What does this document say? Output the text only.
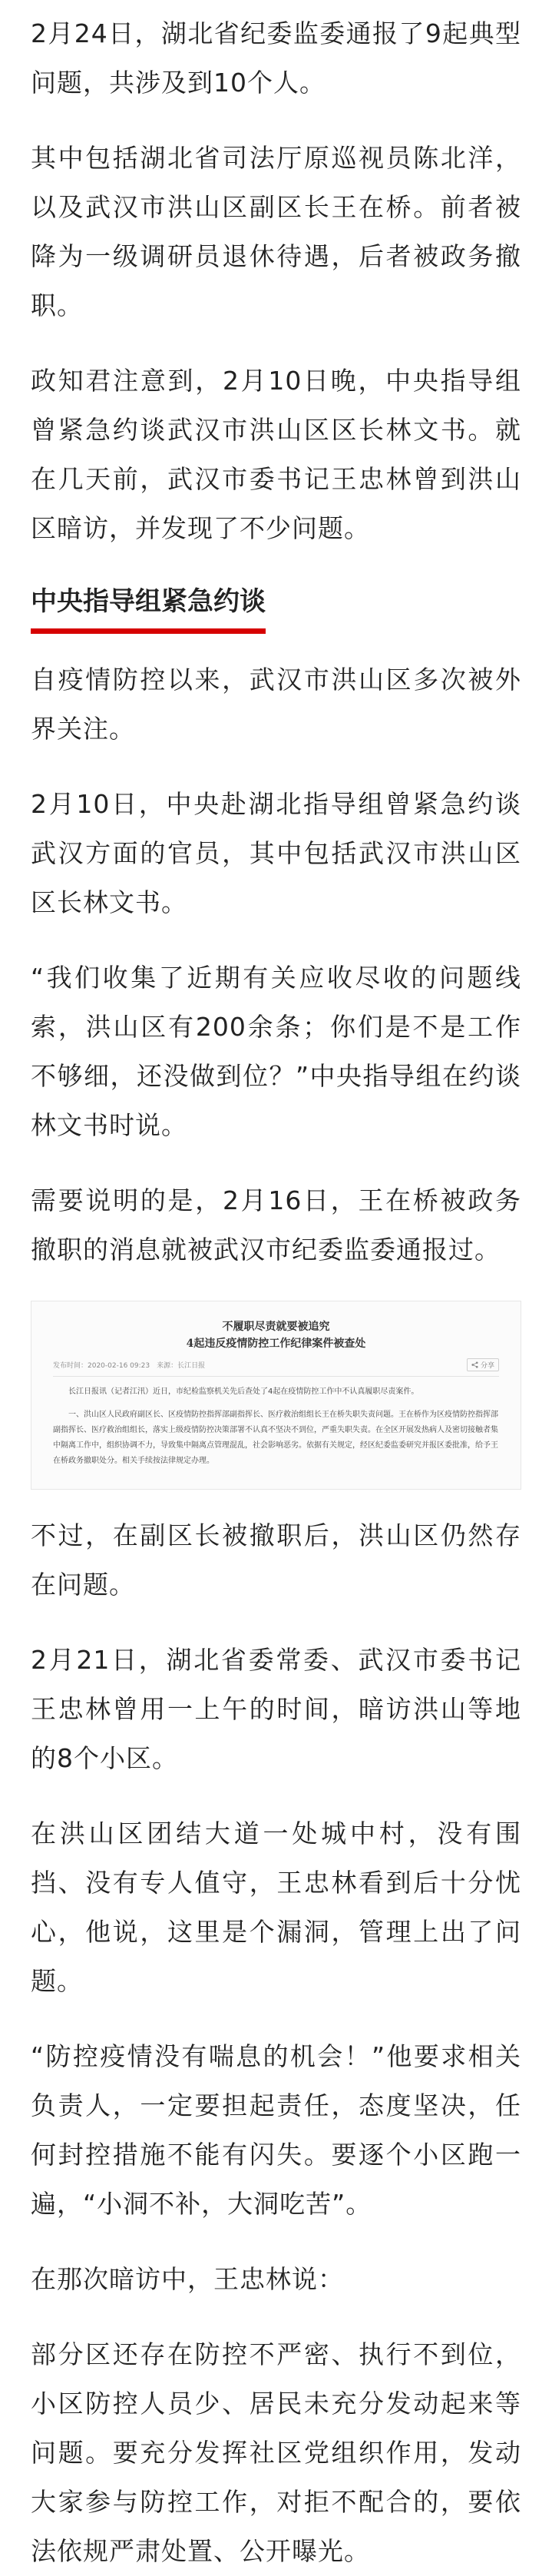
2月24日，湖北省纪委监委通报了9起典型问题，共涉及到10个人。

其中包括湖北省司法厅原巡视员陈北洋，以及武汉市洪山区副区长王在桥。前者被降为一级调研员退休待遇，后者被政务撤职。

政知君注意到，2月10日晚，中央指导组曾紧急约谈武汉市洪山区区长林文书。就在几天前，武汉市委书记王忠林曾到洪山区暗访，并发现了不少问题。

中央指导组紧急约谈

自疫情防控以来，武汉市洪山区多次被外界关注。

2月10日，中央赴湖北指导组曾紧急约谈武汉方面的官员，其中包括武汉市洪山区区长林文书。

“我们收集了近期有关应收尽收的问题线索，洪山区有200余条；你们是不是工作不够细，还没做到位？”中央指导组在约谈林文书时说。

需要说明的是，2月16日，王在桥被政务撤职的消息就被武汉市纪委监委通报过。

不履职尽责就要被追究
4起违反疫情防控工作纪律案件被查处
发布时间：2020-02-16 09:23　来源：长江日报	分享

长江日报讯（记者江汛）近日，市纪检监察机关先后查处了4起在疫情防控工作中不认真履职尽责案件。

一、洪山区人民政府副区长、区疫情防控指挥部副指挥长、医疗救治组组长王在桥失职失责问题。王在桥作为区疫情防控指挥部副指挥长、医疗救治组组长，落实上级疫情防控决策部署不认真不坚决不到位，严重失职失责。在全区开展发热病人及密切接触者集中隔离工作中，组织协调不力，导致集中隔离点管理混乱，社会影响恶劣。依据有关规定，经区纪委监委研究并报区委批准，给予王在桥政务撤职处分。相关手续按法律规定办理。

不过，在副区长被撤职后，洪山区仍然存在问题。

2月21日，湖北省委常委、武汉市委书记王忠林曾用一上午的时间，暗访洪山等地的8个小区。

在洪山区团结大道一处城中村，没有围挡、没有专人值守，王忠林看到后十分忧心，他说，这里是个漏洞，管理上出了问题。

“防控疫情没有喘息的机会！”他要求相关负责人，一定要担起责任，态度坚决，任何封控措施不能有闪失。要逐个小区跑一遍，“小洞不补，大洞吃苦”。

在那次暗访中，王忠林说：

部分区还存在防控不严密、执行不到位，小区防控人员少、居民未充分发动起来等问题。要充分发挥社区党组织作用，发动大家参与防控工作，对拒不配合的，要依法依规严肃处置、公开曝光。
